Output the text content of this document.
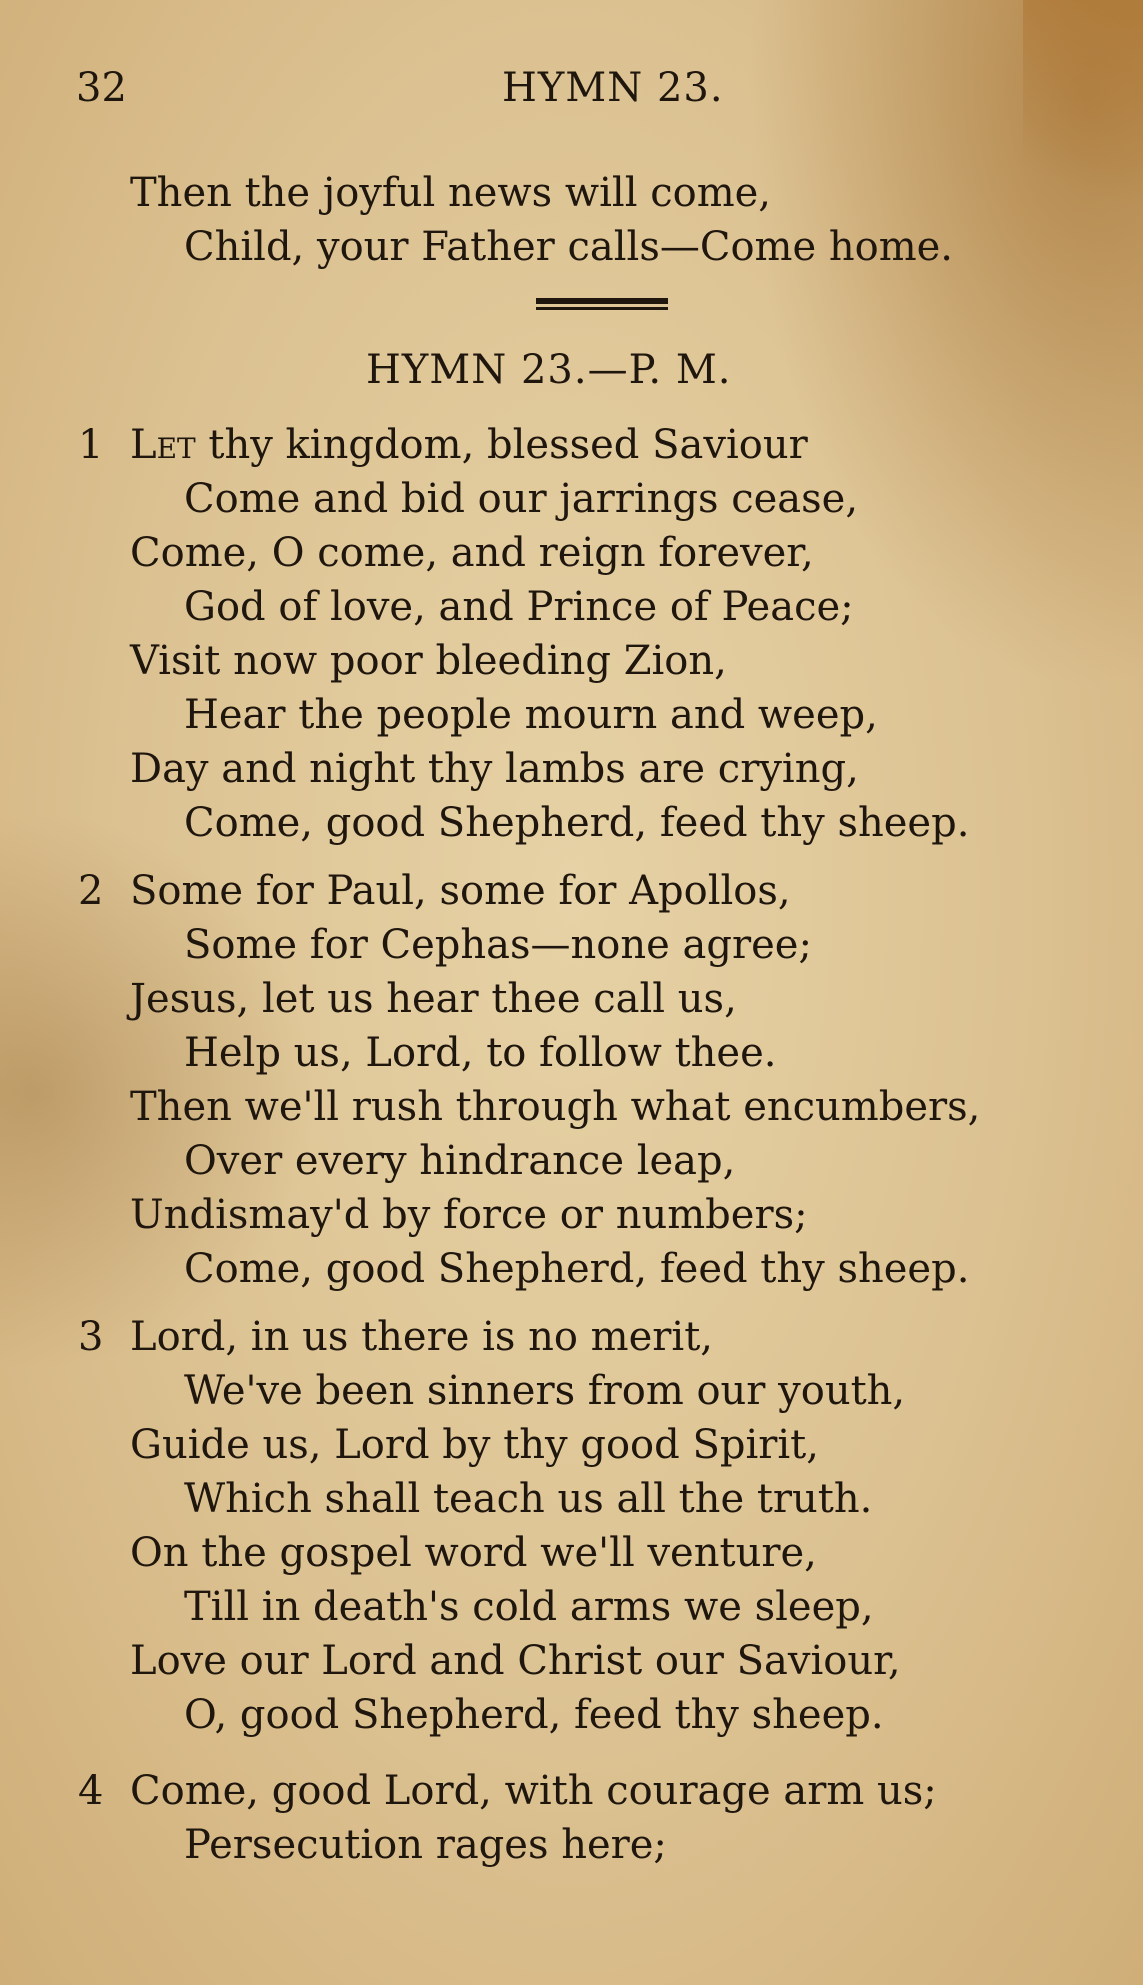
32	HYMN 23.
Then the joyful news will come,
Child, your Father calls—Come home.
HYMN 23.—P. M.
1 Let thy kingdom, blessed Saviour
Come and bid our jarrings cease,
Come, O come, and reign forever,
God of love, and Prince of Peace;
Visit now poor bleeding Zion,
Hear the people mourn and weep,
Day and night thy lambs are crying,
Come, good Shepherd, feed thy sheep.
2 Some for Paul, some for Apollos,
Some for Cephas—none agree;
Jesus, let us hear thee call us,
Help us, Lord, to follow thee.
Then we'll rush through what encumbers,
Over every hindrance leap,
Undismay'd by force or numbers;
Come, good Shepherd, feed thy sheep.
3 Lord, in us there is no merit,
We've been sinners from our youth,
Guide us, Lord by thy good Spirit,
Which shall teach us all the truth.
On the gospel word we'll venture,
Till in death's cold arms we sleep,
Love our Lord and Christ our Saviour,
O, good Shepherd, feed thy sheep.
4 Come, good Lord, with courage arm us;
Persecution rages here;
